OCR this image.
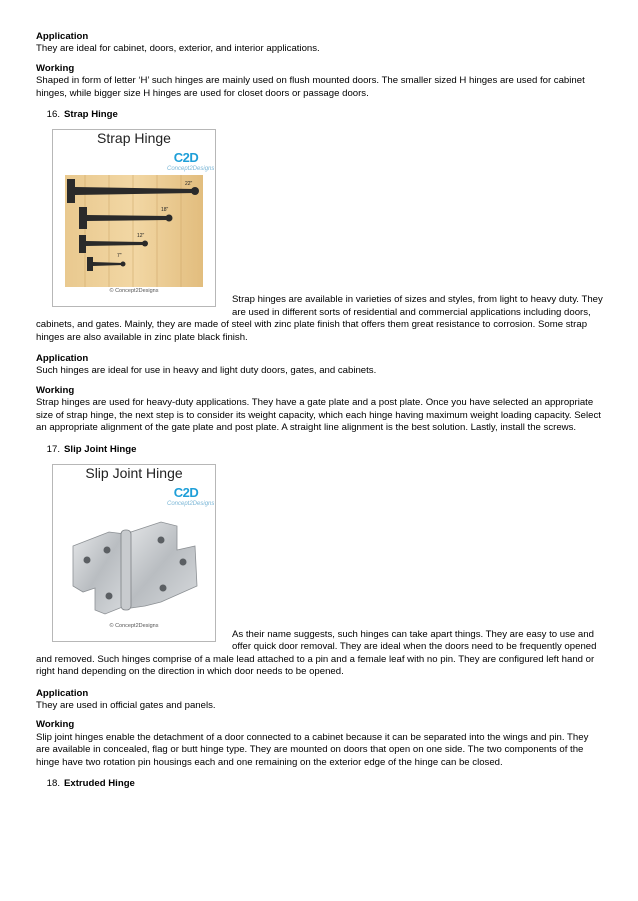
Application

They are ideal for cabinet, doors, exterior, and interior applications.

Working

Shaped in form of letter ‘H’ such hinges are mainly used on flush mounted doors. The smaller sized H hinges are used for cabinet hinges, while bigger size H hinges are used for closet doors or passage doors.

16. Strap Hinge
Strap Hinge
C2D
Concept2Designs
22"
18"
12"
7"
© Concept2Designs

Strap hinges are available in varieties of sizes and styles, from light to heavy duty. They are used in different sorts of residential and commercial applications including doors, cabinets, and gates. Mainly, they are made of steel with zinc plate finish that offers them great resistance to corrosion. Some strap hinges are also available in zinc plate black finish.

Application

Such hinges are ideal for use in heavy and light duty doors, gates, and cabinets.

Working

Strap hinges are used for heavy-duty applications. They have a gate plate and a post plate. Once you have selected an appropriate size of strap hinge, the next step is to consider its weight capacity, which each hinge having maximum weight loading capacity. Select an appropriate alignment of the gate plate and post plate. A straight line alignment is the best solution. Lastly, install the screws.

17. Slip Joint Hinge
Slip Joint Hinge
C2D
Concept2Designs
© Concept2Designs

As their name suggests, such hinges can take apart things. They are easy to use and offer quick door removal. They are ideal when the doors need to be frequently opened and removed. Such hinges comprise of a male lead attached to a pin and a female leaf with no pin. They are configured left hand or right hand depending on the direction in which door needs to be opened.

Application

They are used in official gates and panels.

Working

Slip joint hinges enable the detachment of a door connected to a cabinet because it can be separated into the wings and pin. They are available in concealed, flag or butt hinge type. They are mounted on doors that open on one side. The two components of the hinge have two rotation pin housings each and one remaining on the exterior edge of the hinge can be closed.

18. Extruded Hinge
